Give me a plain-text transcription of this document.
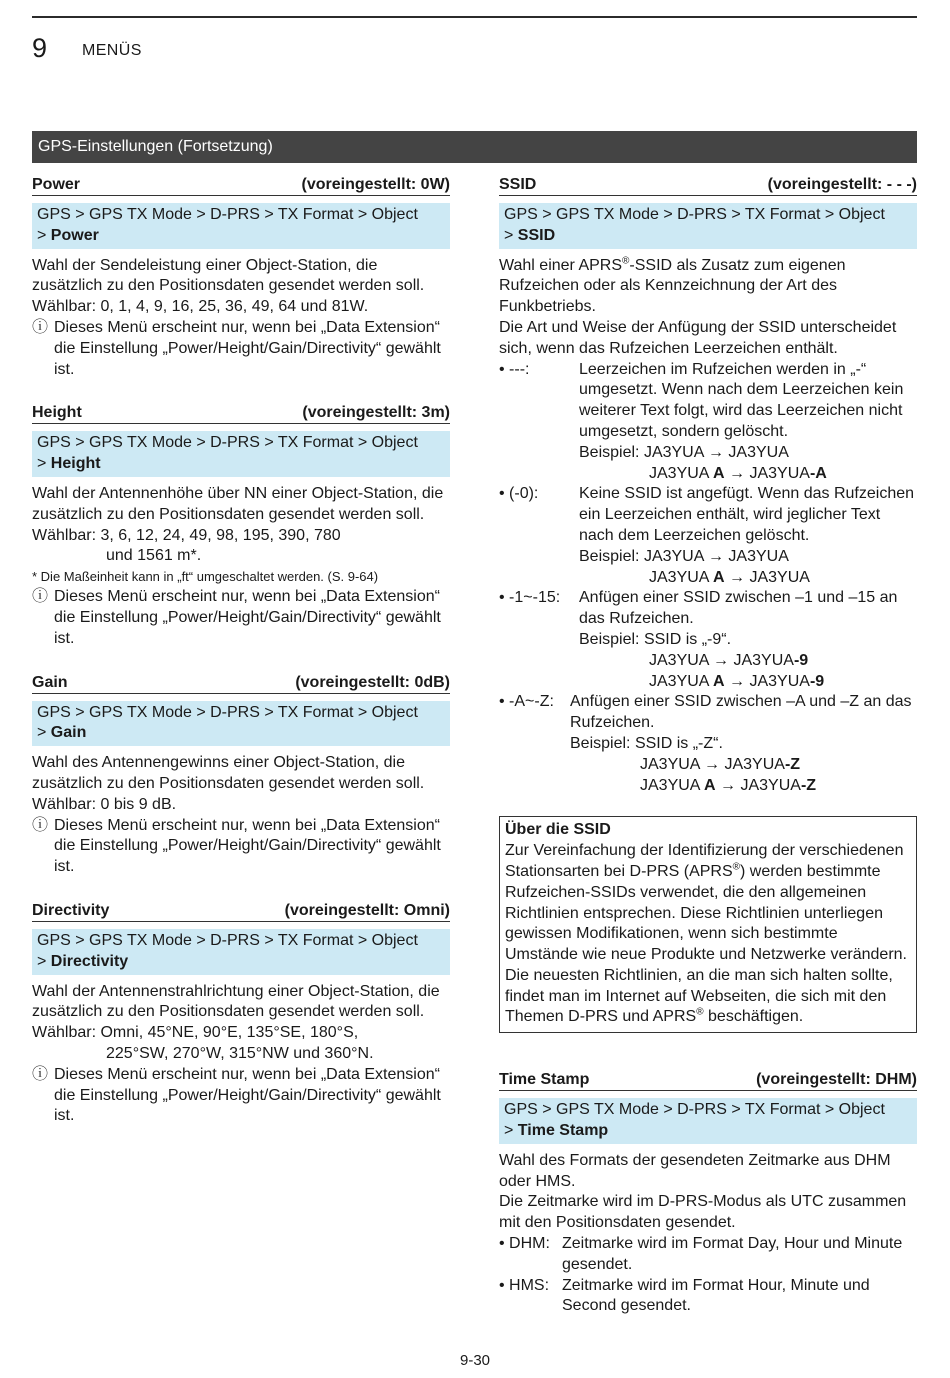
9 MENÜS
GPS-Einstellungen (Fortsetzung)
Power	(voreingestellt: 0W)
GPS > GPS TX Mode > D-PRS > TX Format > Object
> Power

Wahl der Sendeleistung einer Object-Station, die zusätzlich zu den Positionsdaten gesendet werden soll.

Wählbar: 0, 1, 4, 9, 16, 25, 36, 49, 64 und 81W.

ⓘ Dieses Menü erscheint nur, wenn bei „Data Extension“ die Einstellung „Power/Height/Gain/Directivity“ gewählt ist.
Height	(voreingestellt: 3m)
GPS > GPS TX Mode > D-PRS > TX Format > Object
> Height

Wahl der Antennenhöhe über NN einer Object-Station, die zusätzlich zu den Positionsdaten gesendet werden soll.

Wählbar: 3, 6, 12, 24, 49, 98, 195, 390, 780

und 1561 m*.

* Die Maßeinheit kann in „ft“ umgeschaltet werden. (S. 9-64)

ⓘ Dieses Menü erscheint nur, wenn bei „Data Extension“ die Einstellung „Power/Height/Gain/Directivity“ gewählt ist.
Gain	(voreingestellt: 0dB)
GPS > GPS TX Mode > D-PRS > TX Format > Object
> Gain

Wahl des Antennengewinns einer Object-Station, die zusätzlich zu den Positionsdaten gesendet werden soll.

Wählbar: 0 bis 9 dB.

ⓘ Dieses Menü erscheint nur, wenn bei „Data Extension“ die Einstellung „Power/Height/Gain/Directivity“ gewählt ist.
Directivity	(voreingestellt: Omni)
GPS > GPS TX Mode > D-PRS > TX Format > Object
> Directivity

Wahl der Antennenstrahlrichtung einer Object-Station, die zusätzlich zu den Positionsdaten gesendet werden soll.

Wählbar: Omni, 45°NE, 90°E, 135°SE, 180°S,

225°SW, 270°W, 315°NW und 360°N.

ⓘ Dieses Menü erscheint nur, wenn bei „Data Extension“ die Einstellung „Power/Height/Gain/Directivity“ gewählt ist.
SSID	(voreingestellt: - - -)
GPS > GPS TX Mode > D-PRS > TX Format > Object
> SSID

Wahl einer APRS®-SSID als Zusatz zum eigenen Rufzeichen oder als Kennzeichnung der Art des Funkbetriebs.

Die Art und Weise der Anfügung der SSID unterscheidet sich, wenn das Rufzeichen Leerzeichen enthält.

• ---:	Leerzeichen im Rufzeichen werden in „-“ umgesetzt. Wenn nach dem Leerzeichen kein weiterer Text folgt, wird das Leerzeichen nicht umgesetzt, sondern gelöscht.

Beispiel: JA3YUA → JA3YUA

JA3YUA A → JA3YUA-A

• (-0):	Keine SSID ist angefügt. Wenn das Rufzeichen ein Leerzeichen enthält, wird jeglicher Text nach dem Leerzeichen gelöscht.

Beispiel: JA3YUA → JA3YUA

JA3YUA A → JA3YUA

• -1~-15:	Anfügen einer SSID zwischen –1 und –15 an das Rufzeichen.

Beispiel: SSID is „-9“.

JA3YUA → JA3YUA-9

JA3YUA A → JA3YUA-9

• -A~-Z:	Anfügen einer SSID zwischen –A und –Z an das Rufzeichen.

Beispiel: SSID is „-Z“.

JA3YUA → JA3YUA-Z

JA3YUA A → JA3YUA-Z

Über die SSID

Zur Vereinfachung der Identifizierung der verschiedenen Stationsarten bei D-PRS (APRS®) werden bestimmte Rufzeichen-SSIDs verwendet, die den allgemeinen Richtlinien entsprechen. Diese Richtlinien unterliegen gewissen Modifikationen, wenn sich bestimmte Umstände wie neue Produkte und Netzwerke verändern. Die neuesten Richtlinien, an die man sich halten sollte, findet man im Internet auf Webseiten, die sich mit den Themen D-PRS und APRS® beschäftigen.

Time Stamp	(voreingestellt: DHM)
GPS > GPS TX Mode > D-PRS > TX Format > Object
> Time Stamp

Wahl des Formats der gesendeten Zeitmarke aus DHM oder HMS.

Die Zeitmarke wird im D-PRS-Modus als UTC zusammen mit den Positionsdaten gesendet.

• DHM: Zeitmarke wird im Format Day, Hour und Minute gesendet.
• HMS: Zeitmarke wird im Format Hour, Minute und Second gesendet.
9-30
